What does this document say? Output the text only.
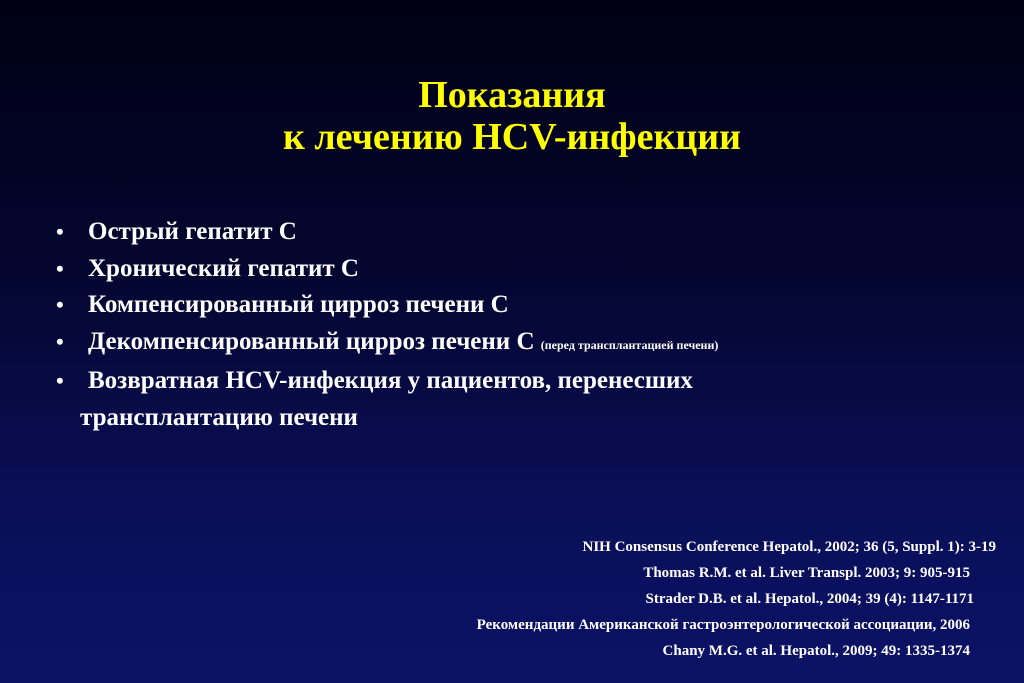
Показания
к лечению HCV-инфекции
• Острый гепатит С
• Хронический гепатит С
• Компенсированный цирроз печени С
• Декомпенсированный цирроз печени С (перед трансплантацией печени)
• Возвратная HCV-инфекция у пациентов, перенесших
трансплантацию печени
NIH Consensus Conference Hepatol., 2002; 36 (5, Suppl. 1): 3-19
Thomas R.M. et al. Liver Transpl. 2003; 9: 905-915
Strader D.B. et al. Hepatol., 2004; 39 (4): 1147-1171
Рекомендации Американской гастроэнтерологической ассоциации, 2006
Chany M.G. et al. Hepatol., 2009; 49: 1335-1374
